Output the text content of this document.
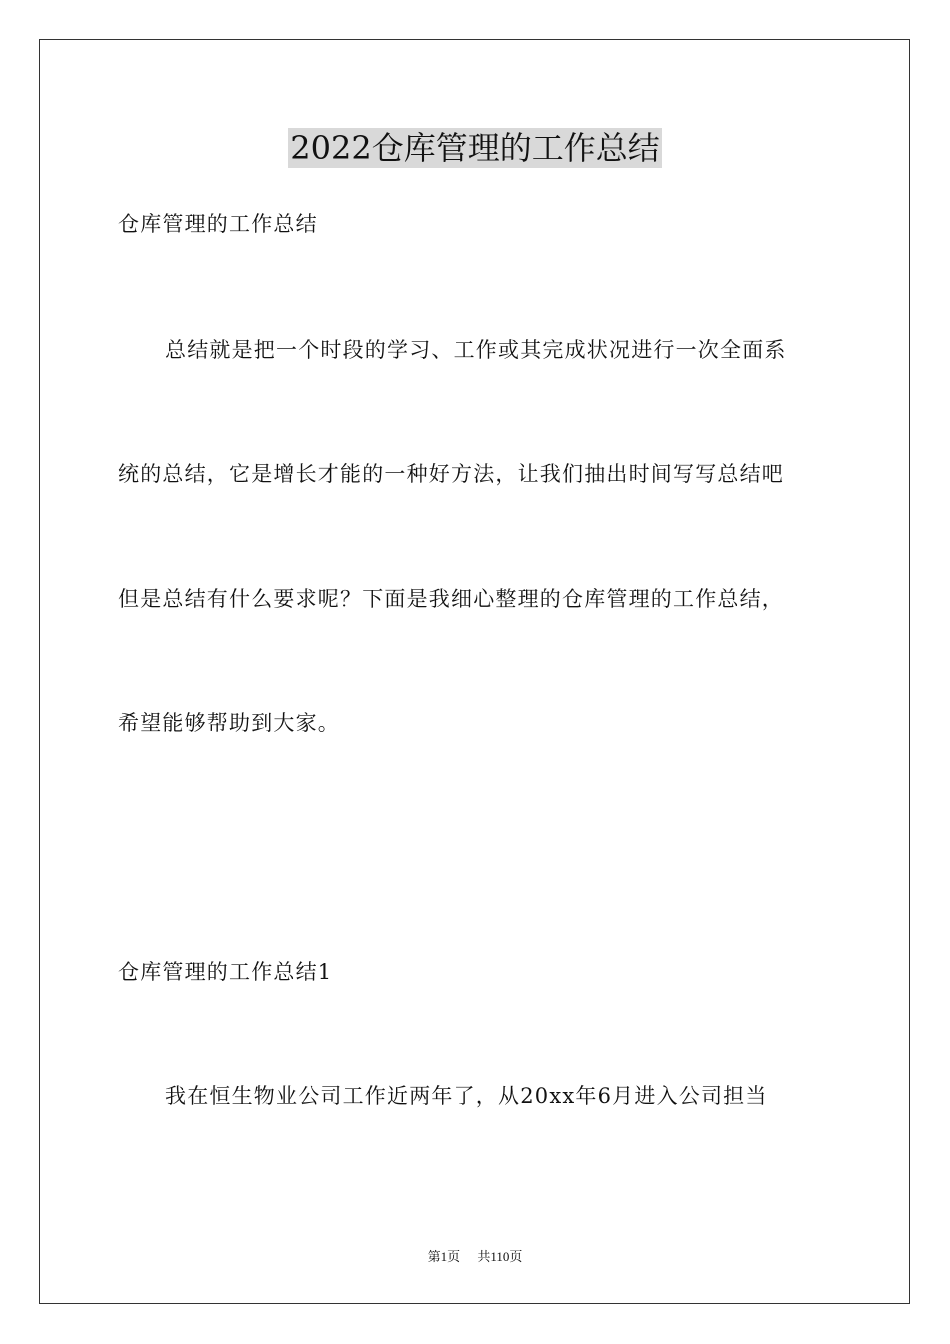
2022仓库管理的工作总结
仓库管理的工作总结
总结就是把一个时段的学习、工作或其完成状况进行一次全面系
统的总结，它是增长才能的一种好方法，让我们抽出时间写写总结吧
但是总结有什么要求呢？下面是我细心整理的仓库管理的工作总结，
希望能够帮助到大家。
仓库管理的工作总结1
我在恒生物业公司工作近两年了，从20xx年6月进入公司担当
第1页 共110页
